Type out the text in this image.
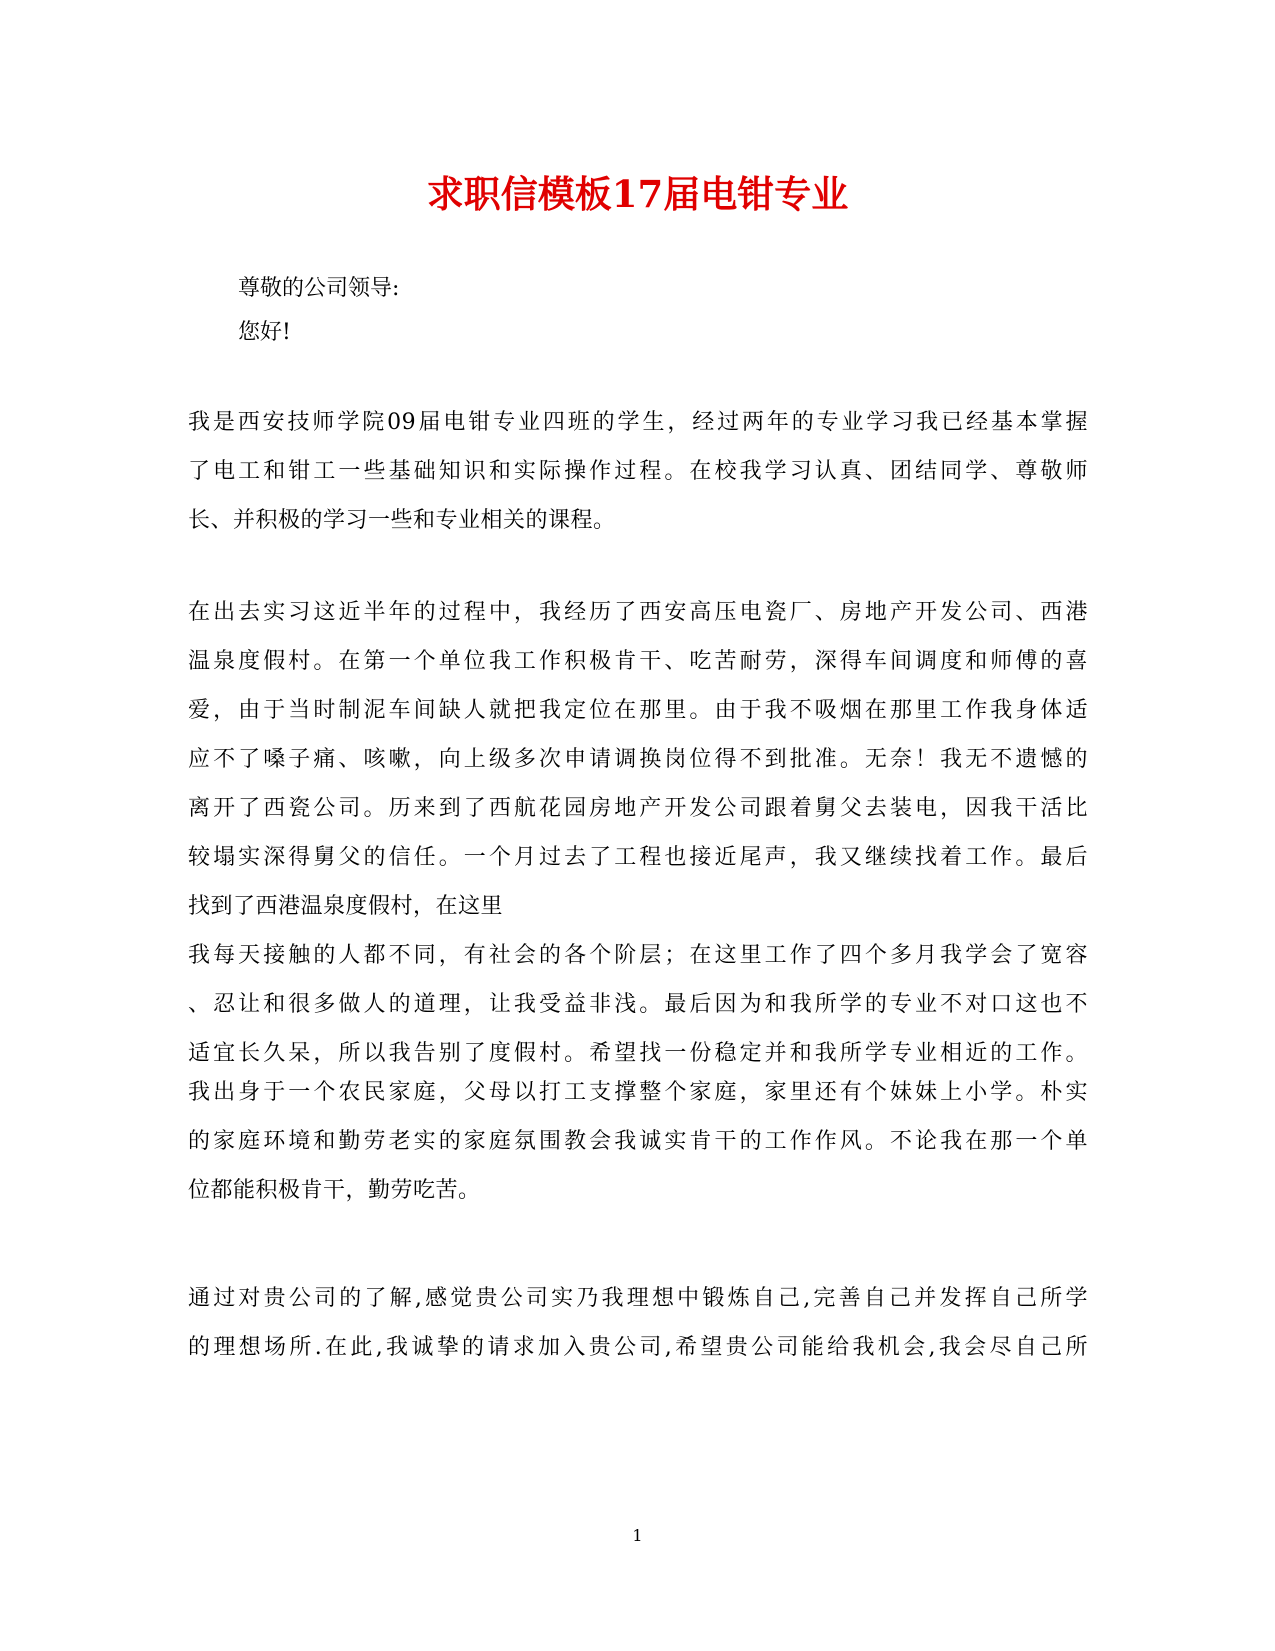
求职信模板17届电钳专业

尊敬的公司领导:

您好!

我是西安技师学院09届电钳专业四班的学生，经过两年的专业学习我已经基本掌握
了电工和钳工一些基础知识和实际操作过程。在校我学习认真、团结同学、尊敬师
长、并积极的学习一些和专业相关的课程。
在出去实习这近半年的过程中，我经历了西安高压电瓷厂、房地产开发公司、西港
温泉度假村。在第一个单位我工作积极肯干、吃苦耐劳，深得车间调度和师傅的喜
爱，由于当时制泥车间缺人就把我定位在那里。由于我不吸烟在那里工作我身体适
应不了嗓子痛、咳嗽，向上级多次申请调换岗位得不到批准。无奈！我无不遗憾的
离开了西瓷公司。历来到了西航花园房地产开发公司跟着舅父去装电，因我干活比
较塌实深得舅父的信任。一个月过去了工程也接近尾声，我又继续找着工作。最后
找到了西港温泉度假村，在这里
我每天接触的人都不同，有社会的各个阶层；在这里工作了四个多月我学会了宽容
、忍让和很多做人的道理，让我受益非浅。最后因为和我所学的专业不对口这也不
适宜长久呆，所以我告别了度假村。希望找一份稳定并和我所学专业相近的工作。
我出身于一个农民家庭，父母以打工支撑整个家庭，家里还有个妹妹上小学。朴实
的家庭环境和勤劳老实的家庭氛围教会我诚实肯干的工作作风。不论我在那一个单
位都能积极肯干，勤劳吃苦。
通过对贵公司的了解,感觉贵公司实乃我理想中锻炼自己,完善自己并发挥自己所学
的理想场所.在此,我诚挚的请求加入贵公司,希望贵公司能给我机会,我会尽自己所

1
